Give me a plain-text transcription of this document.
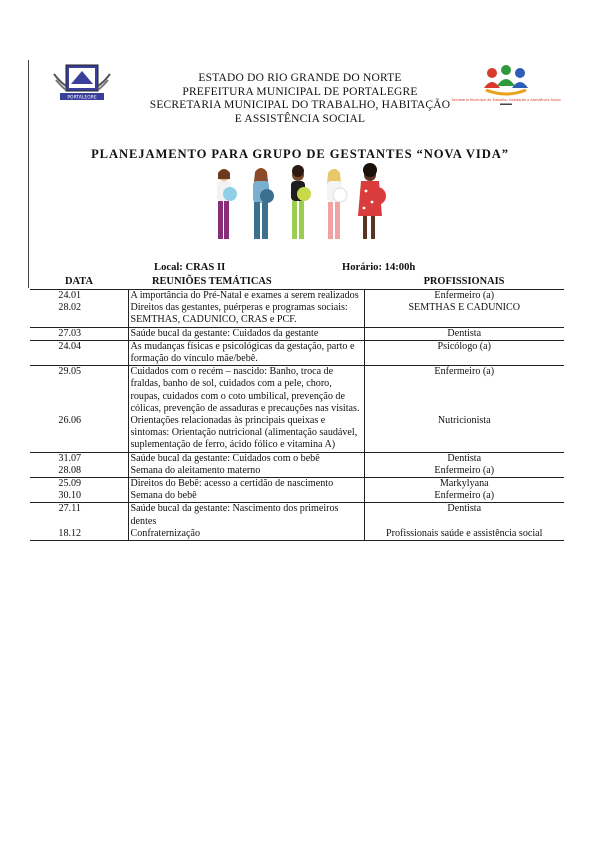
PORTALEGRE	Secretaria Municipal do Trabalho, Habitação e Assistência Social
ESTADO DO RIO GRANDE DO NORTE
PREFEITURA MUNICIPAL DE PORTALEGRE
SECRETARIA MUNICIPAL DO TRABALHO, HABITAÇÃO
E ASSISTÊNCIA SOCIAL
PLANEJAMENTO PARA GRUPO DE GESTANTES “NOVA VIDA”
Local: CRAS II	Horário: 14:00h
DATA	REUNIÕES TEMÁTICAS	PROFISSIONAIS
24.01	A importância do Pré-Natal e exames a serem realizados	Enfermeiro (a)
28.02	Direitos das gestantes, puérperas e programas sociais: SEMTHAS, CADUNICO, CRAS e PCF.	SEMTHAS E CADUNICO
27.03	Saúde bucal da gestante: Cuidados da gestante	Dentista
24.04	As mudanças físicas e psicológicas da gestação, parto e formação do vínculo mãe/bebê.	Psicólogo (a)
29.05	Cuidados com o recém – nascido: Banho, troca de fraldas, banho de sol, cuidados com a pele, choro, roupas, cuidados com o coto umbilical, prevenção de cólicas, prevenção de assaduras e precauções nas visitas.	Enfermeiro (a)
26.06	Orientações relacionadas às principais queixas e sintomas: Orientação nutricional (alimentação saudável, suplementação de ferro, ácido fólico e vitamina A)	Nutricionista
31.07	Saúde bucal da gestante: Cuidados com o bebê	Dentista
28.08	Semana do aleitamento materno	Enfermeiro (a)
25.09	Direitos do Bebê: acesso a certidão de nascimento	Markylyana
30.10	Semana do bebê	Enfermeiro (a)
27.11	Saúde bucal da gestante: Nascimento dos primeiros dentes	Dentista
18.12	Confraternização	Profissionais saúde e assistência social
